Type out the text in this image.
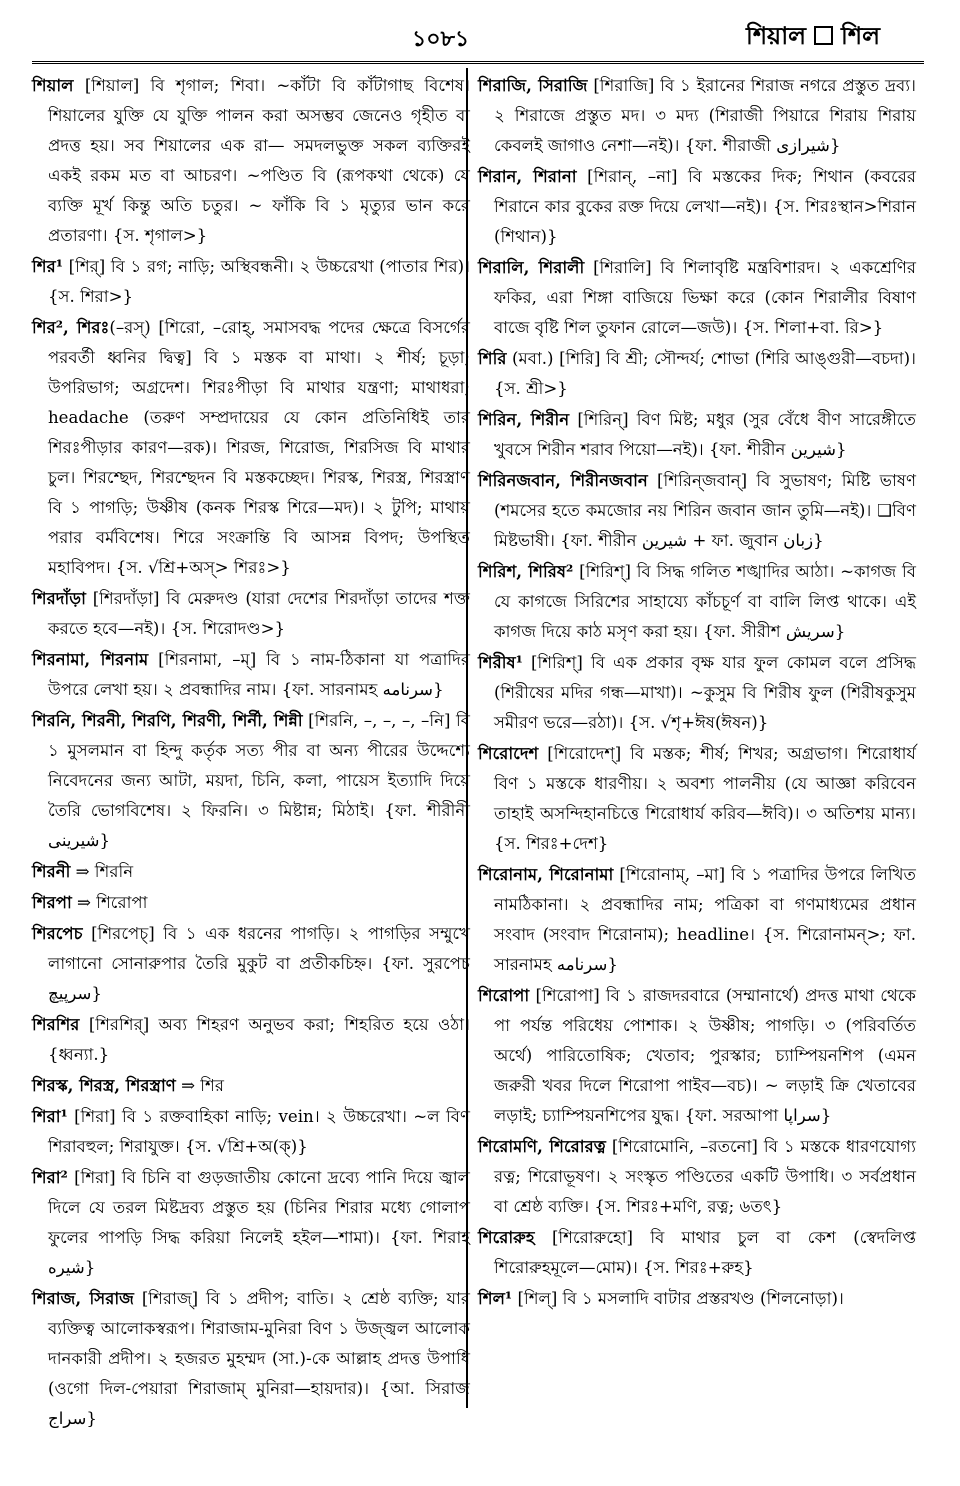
১০৮১	শিয়াল শিল

শিয়াল [শিয়াল] বি শৃগাল; শিবা। ~কাঁটা বি কাঁটাগাছ বিশেষ। শিয়ালের যুক্তি যে যুক্তি পালন করা অসম্ভব জেনেও গৃহীত বা প্রদত্ত হয়। সব শিয়ালের এক রা— সমদলভুক্ত সকল ব্যক্তিরই একই রকম মত বা আচরণ। ~পণ্ডিত বি (রূপকথা থেকে) যে ব্যক্তি মূর্খ কিন্তু অতি চতুর। ~ ফাঁকি বি ১ মৃত্যুর ভান করে প্রতারণা। {স. শৃগাল>}

শির¹ [শির্] বি ১ রগ; নাড়ি; অস্থিবন্ধনী। ২ উচ্চরেখা (পাতার শির)। {স. শিরা>}

শির², শিরঃ(–রস্) [শিরো, –রোহ্, সমাসবদ্ধ পদের ক্ষেত্রে বিসর্গের পরবর্তী ধ্বনির দ্বিত্ব] বি ১ মস্তক বা মাথা। ২ শীর্ষ; চূড়া; উপরিভাগ; অগ্রদেশ। শিরঃপীড়া বি মাথার যন্ত্রণা; মাথাধরা; headache (তরুণ সম্প্রদায়ের যে কোন প্রতিনিধিই তার শিরঃপীড়ার কারণ—রক)। শিরজ, শিরোজ, শিরসিজ বি মাথার চুল। শিরশ্ছেদ, শিরশ্ছেদন বি মস্তকচ্ছেদ। শিরস্ক, শিরস্ত্র, শিরস্ত্রাণ বি ১ পাগড়ি; উষ্ণীষ (কনক শিরস্ক শিরে—মদ)। ২ টুপি; মাথায় পরার বর্মবিশেষ। শিরে সংক্রান্তি বি আসন্ন বিপদ; উপস্থিত মহাবিপদ। {স. √শ্রি+অস্> শিরঃ>}

শিরদাঁড়া [শিরদাঁড়া] বি মেরুদণ্ড (যারা দেশের শিরদাঁড়া তাদের শক্ত করতে হবে—নই)। {স. শিরোদণ্ড>}

শিরনামা, শিরনাম [শিরনামা, –ম্] বি ১ নাম-ঠিকানা যা পত্রাদির উপরে লেখা হয়। ২ প্রবন্ধাদির নাম। {ফা. সারনামহ سرنامه}

শিরনি, শিরনী, শিরণি, শিরণী, শির্নী, শিন্নী [শিরনি, –, –, –, –নি] বি ১ মুসলমান বা হিন্দু কর্তৃক সত্য পীর বা অন্য পীরের উদ্দেশ্যে নিবেদনের জন্য আটা, ময়দা, চিনি, কলা, পায়েস ইত্যাদি দিয়ে তৈরি ভোগবিশেষ। ২ ফিরনি। ৩ মিষ্টান্ন; মিঠাই। {ফা. শীরীনী شیرینی}

শিরনী ⇒ শিরনি

শিরপা ⇒ শিরোপা

শিরপেচ [শিরপেচ্] বি ১ এক ধরনের পাগড়ি। ২ পাগড়ির সম্মুখে লাগানো সোনারুপার তৈরি মুকুট বা প্রতীকচিহ্ন। {ফা. সুরপেচ سرپیچ}

শিরশির [শিরশির্] অব্য শিহরণ অনুভব করা; শিহরিত হয়ে ওঠা। {ধ্বন্যা.}

শিরস্ক, শিরস্ত্র, শিরস্ত্রাণ ⇒ শির

শিরা¹ [শিরা] বি ১ রক্তবাহিকা নাড়ি; vein। ২ উচ্চরেখা। ~ল বিণ শিরাবহুল; শিরাযুক্ত। {স. √শ্রি+অ(ক্)}

শিরা² [শিরা] বি চিনি বা গুড়জাতীয় কোনো দ্রব্যে পানি দিয়ে জ্বাল দিলে যে তরল মিষ্টদ্রব্য প্রস্তুত হয় (চিনির শিরার মধ্যে গোলাপ ফুলের পাপড়ি সিদ্ধ করিয়া নিলেই হইল—শামা)। {ফা. শিরাহ شیره}

শিরাজ, সিরাজ [শিরাজ্] বি ১ প্রদীপ; বাতি। ২ শ্রেষ্ঠ ব্যক্তি; যার ব্যক্তিত্ব আলোকস্বরূপ। শিরাজাম-মুনিরা বিণ ১ উজ্জ্বল আলোক দানকারী প্রদীপ। ২ হজরত মুহম্মদ (সা.)-কে আল্লাহ প্রদত্ত উপাধি (ওগো দিল-পেয়ারা শিরাজাম্ মুনিরা—হায়দার)। {আ. সিরাজ سراج}

শিরাজি, সিরাজি [শিরাজি] বি ১ ইরানের শিরাজ নগরে প্রস্তুত দ্রব্য। ২ শিরাজে প্রস্তুত মদ। ৩ মদ্য (শিরাজী পিয়ারে শিরায় শিরায় কেবলই জাগাও নেশা—নই)। {ফা. শীরাজী شیرازی}

শিরান, শিরানা [শিরান্, –না] বি মস্তকের দিক; শিথান (কবরের শিরানে কার বুকের রক্ত দিয়ে লেখা—নই)। {স. শিরঃস্থান>শিরান (শিথান)}

শিরালি, শিরালী [শিরালি] বি শিলাবৃষ্টি মন্ত্রবিশারদ। ২ একশ্রেণির ফকির, এরা শিঙ্গা বাজিয়ে ভিক্ষা করে (কোন শিরালীর বিষাণ বাজে বৃষ্টি শিল তুফান রোলে—জউ)। {স. শিলা+বা. রি>}

শিরি (মবা.) [শিরি] বি শ্রী; সৌন্দর্য; শোভা (শিরি আঙ্গুরী—বচদা)। {স. শ্রী>}

শিরিন, শিরীন [শিরিন্] বিণ মিষ্ট; মধুর (সুর বেঁধে বীণ সারেঙ্গীতে খুবসে শিরীন শরাব পিয়ো—নই)। {ফা. শীরীন شیرین}

শিরিনজবান, শিরীনজবান [শিরিন্‌জবান্] বি সুভাষণ; মিষ্টি ভাষণ (শমসের হতে কমজোর নয় শিরিন জবান জান তুমি—নই)। ❑বিণ মিষ্টভাষী। {ফা. শীরীন شیرین + ফা. জুবান زبان}

শিরিশ, শিরিষ² [শিরিশ্] বি সিদ্ধ গলিত শঙ্খাদির আঠা। ~কাগজ বি যে কাগজে সিরিশের সাহায্যে কাঁচচূর্ণ বা বালি লিপ্ত থাকে। এই কাগজ দিয়ে কাঠ মসৃণ করা হয়। {ফা. সীরীশ سریش}

শিরীষ¹ [শিরিশ্] বি এক প্রকার বৃক্ষ যার ফুল কোমল বলে প্রসিদ্ধ (শিরীষের মদির গন্ধ—মাখা)। ~কুসুম বি শিরীষ ফুল (শিরীষকুসুম সমীরণ ভরে—রঠা)। {স. √শৃ+ঈষ(ঈষন)}

শিরোদেশ [শিরোদেশ্] বি মস্তক; শীর্ষ; শিখর; অগ্রভাগ। শিরোধার্য বিণ ১ মস্তকে ধারণীয়। ২ অবশ্য পালনীয় (যে আজ্ঞা করিবেন তাহাই অসন্দিহানচিত্তে শিরোধার্য করিব—ঈবি)। ৩ অতিশয় মান্য। {স. শিরঃ+দেশ}

শিরোনাম, শিরোনামা [শিরোনাম্, –মা] বি ১ পত্রাদির উপরে লিখিত নামঠিকানা। ২ প্রবন্ধাদির নাম; পত্রিকা বা গণমাধ্যমের প্রধান সংবাদ (সংবাদ শিরোনাম); headline। {স. শিরোনামন্>; ফা. সারনামহ سرنامه}

শিরোপা [শিরোপা] বি ১ রাজদরবারে (সম্মানার্থে) প্রদত্ত মাথা থেকে পা পর্যন্ত পরিধেয় পোশাক। ২ উষ্ণীষ; পাগড়ি। ৩ (পরিবর্তিত অর্থে) পারিতোষিক; খেতাব; পুরস্কার; চ্যাম্পিয়নশিপ (এমন জরুরী খবর দিলে শিরোপা পাইব—বচ)। ~ লড়াই ক্রি খেতাবের লড়াই; চ্যাম্পিয়নশিপের যুদ্ধ। {ফা. সরআপা سراپا}

শিরোমণি, শিরোরত্ন [শিরোমোনি, –রতনো] বি ১ মস্তকে ধারণযোগ্য রত্ন; শিরোভূষণ। ২ সংস্কৃত পণ্ডিতের একটি উপাধি। ৩ সর্বপ্রধান বা শ্রেষ্ঠ ব্যক্তি। {স. শিরঃ+মণি, রত্ন; ৬তৎ}

শিরোরুহ [শিরোরুহো] বি মাথার চুল বা কেশ (স্বেদলিপ্ত শিরোরুহমূলে—মোম)। {স. শিরঃ+রুহ}

শিল¹ [শিল্] বি ১ মসলাদি বাটার প্রস্তরখণ্ড (শিলনোড়া)।
